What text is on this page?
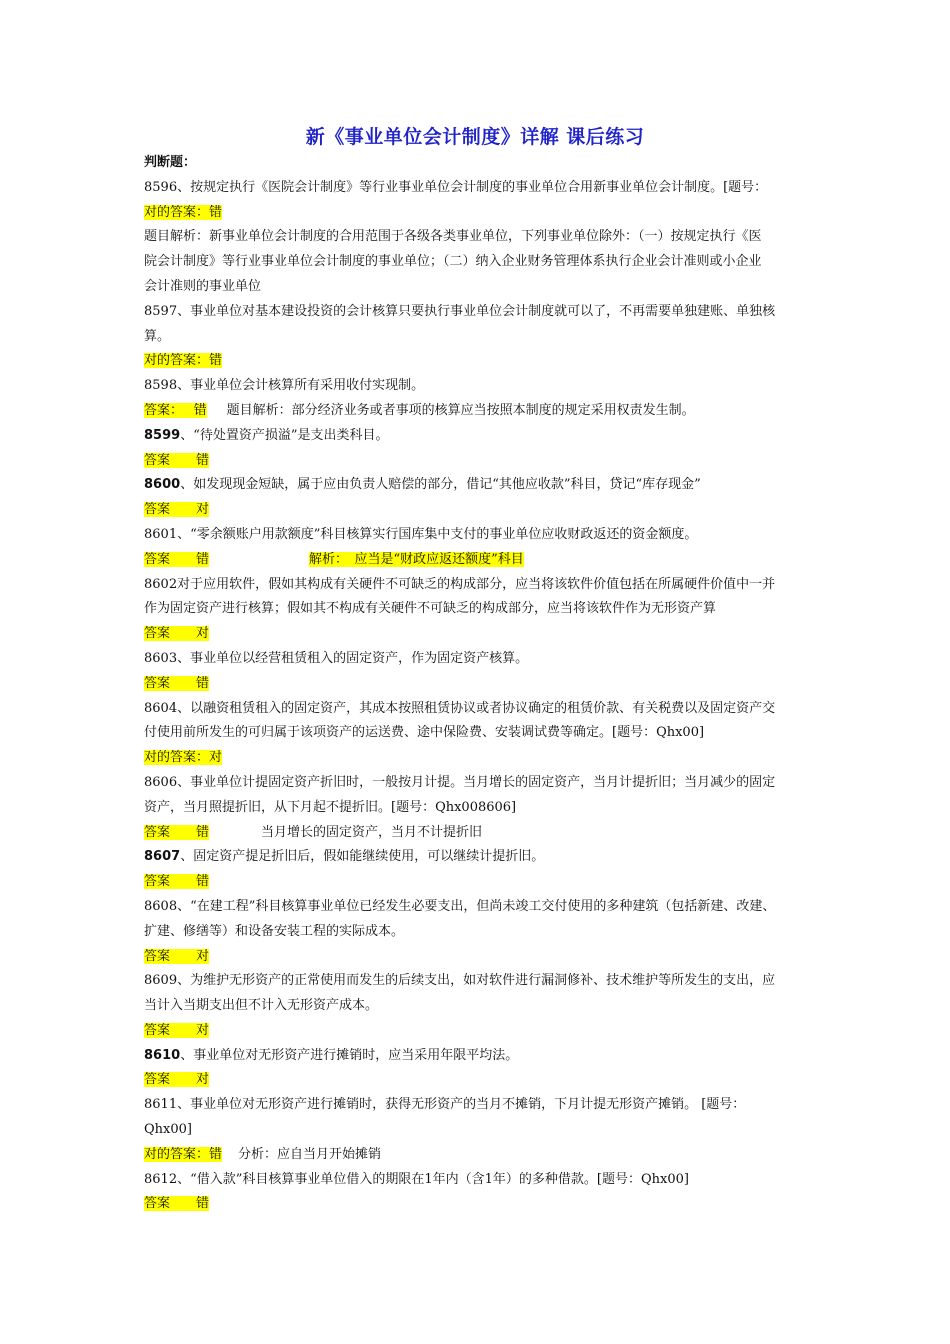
新《事业单位会计制度》详解 课后练习
判断题：
8596、按规定执行《医院会计制度》等行业事业单位会计制度的事业单位合用新事业单位会计制度。[题号：
对的答案：错
题目解析：新事业单位会计制度的合用范围于各级各类事业单位，下列事业单位除外：（一）按规定执行《医
院会计制度》等行业事业单位会计制度的事业单位；（二）纳入企业财务管理体系执行企业会计准则或小企业
会计准则的事业单位
8597、事业单位对基本建设投资的会计核算只要执行事业单位会计制度就可以了，不再需要单独建账、单独核
算。
对的答案：错
8598、事业单位会计核算所有采用收付实现制。
答案：　 错 题目解析：部分经济业务或者事项的核算应当按照本制度的规定采用权责发生制。
8599、“待处置资产损溢”是支出类科目。
答案　　错
8600、如发现现金短缺，属于应由负责人赔偿的部分，借记“其他应收款”科目，贷记“库存现金”
答案　　对
8601、“零余额账户用款额度”科目核算实行国库集中支付的事业单位应收财政返还的资金额度。
答案　　错	解析：　应当是“财政应返还额度”科目
8602对于应用软件，假如其构成有关硬件不可缺乏的构成部分，应当将该软件价值包括在所属硬件价值中一并
作为固定资产进行核算；假如其不构成有关硬件不可缺乏的构成部分，应当将该软件作为无形资产算
答案　　对
8603、事业单位以经营租赁租入的固定资产，作为固定资产核算。
答案　　错
8604、以融资租赁租入的固定资产，其成本按照租赁协议或者协议确定的租赁价款、有关税费以及固定资产交
付使用前所发生的可归属于该项资产的运送费、途中保险费、安装调试费等确定。[题号：Qhx00]
对的答案：对
8606、事业单位计提固定资产折旧时，一般按月计提。当月增长的固定资产，当月计提折旧；当月减少的固定
资产，当月照提折旧，从下月起不提折旧。[题号：Qhx008606]
答案　　错	当月增长的固定资产，当月不计提折旧
8607、固定资产提足折旧后，假如能继续使用，可以继续计提折旧。
答案　　错
8608、“在建工程”科目核算事业单位已经发生必要支出，但尚未竣工交付使用的多种建筑（包括新建、改建、
扩建、修缮等）和设备安装工程的实际成本。
答案　　对
8609、为维护无形资产的正常使用而发生的后续支出，如对软件进行漏洞修补、技术维护等所发生的支出，应
当计入当期支出但不计入无形资产成本。
答案　　对
8610、事业单位对无形资产进行摊销时，应当采用年限平均法。
答案　　对
8611、事业单位对无形资产进行摊销时，获得无形资产的当月不摊销，下月计提无形资产摊销。 [题号：
Qhx00]
对的答案：错 分析：应自当月开始摊销
8612、“借入款”科目核算事业单位借入的期限在1年内（含1年）的多种借款。[题号：Qhx00]
答案　　错
